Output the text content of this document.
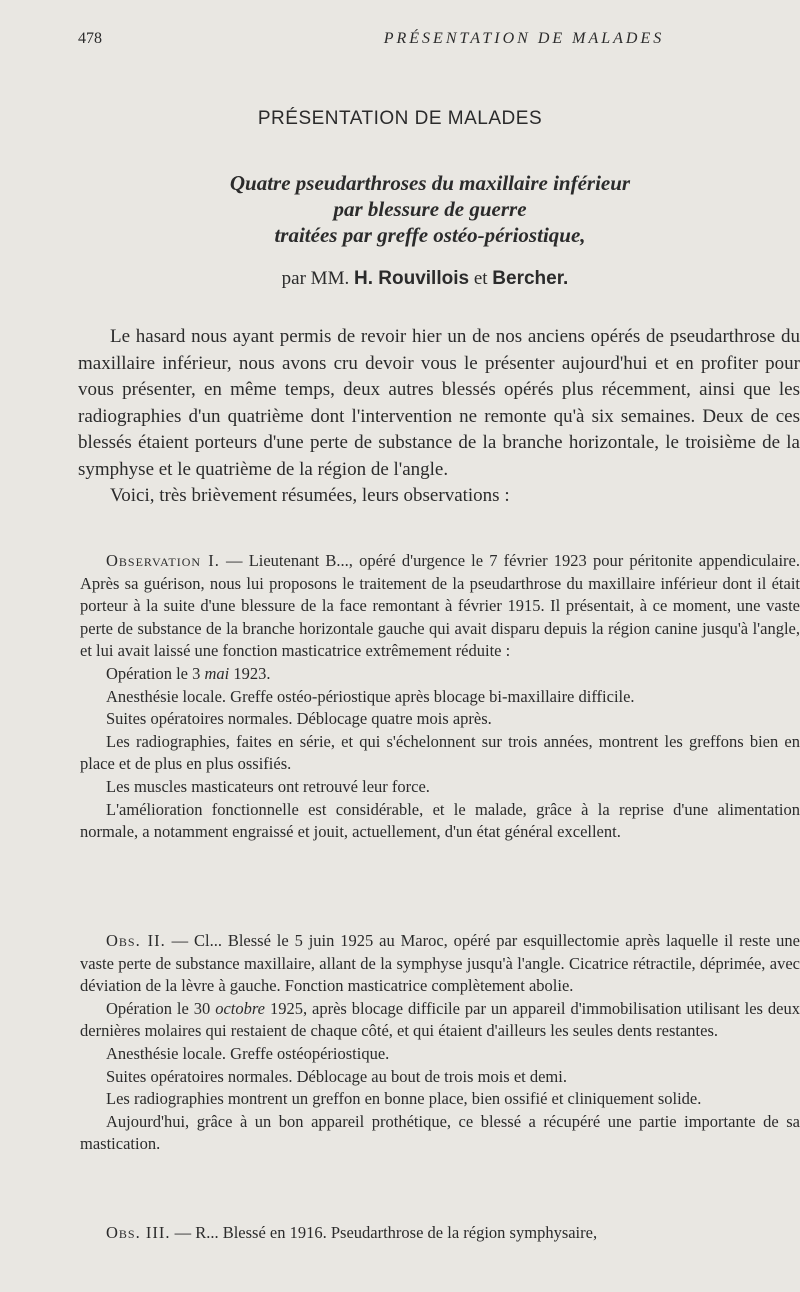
478	PRÉSENTATION DE MALADES
PRÉSENTATION DE MALADES
Quatre pseudarthroses du maxillaire inférieur
par blessure de guerre
traitées par greffe ostéo-périostique,
par MM. H. Rouvillois et Bercher.

Le hasard nous ayant permis de revoir hier un de nos anciens opérés de pseudarthrose du maxillaire inférieur, nous avons cru devoir vous le présenter aujourd'hui et en profiter pour vous présenter, en même temps, deux autres blessés opérés plus récemment, ainsi que les radiographies d'un quatrième dont l'intervention ne remonte qu'à six semaines. Deux de ces blessés étaient porteurs d'une perte de substance de la branche horizontale, le troisième de la symphyse et le quatrième de la région de l'angle.

Voici, très brièvement résumées, leurs observations :

Observation I. — Lieutenant B..., opéré d'urgence le 7 février 1923 pour péritonite appendiculaire. Après sa guérison, nous lui proposons le traitement de la pseudarthrose du maxillaire inférieur dont il était porteur à la suite d'une blessure de la face remontant à février 1915. Il présentait, à ce moment, une vaste perte de substance de la branche horizontale gauche qui avait disparu depuis la région canine jusqu'à l'angle, et lui avait laissé une fonction masticatrice extrêmement réduite :

Opération le 3 mai 1923.

Anesthésie locale. Greffe ostéo-périostique après blocage bi-maxillaire difficile.

Suites opératoires normales. Déblocage quatre mois après.

Les radiographies, faites en série, et qui s'échelonnent sur trois années, montrent les greffons bien en place et de plus en plus ossifiés.

Les muscles masticateurs ont retrouvé leur force.

L'amélioration fonctionnelle est considérable, et le malade, grâce à la reprise d'une alimentation normale, a notamment engraissé et jouit, actuellement, d'un état général excellent.

Obs. II. — Cl... Blessé le 5 juin 1925 au Maroc, opéré par esquillectomie après laquelle il reste une vaste perte de substance maxillaire, allant de la symphyse jusqu'à l'angle. Cicatrice rétractile, déprimée, avec déviation de la lèvre à gauche. Fonction masticatrice complètement abolie.

Opération le 30 octobre 1925, après blocage difficile par un appareil d'immobilisation utilisant les deux dernières molaires qui restaient de chaque côté, et qui étaient d'ailleurs les seules dents restantes.

Anesthésie locale. Greffe ostéopériostique.

Suites opératoires normales. Déblocage au bout de trois mois et demi.

Les radiographies montrent un greffon en bonne place, bien ossifié et cliniquement solide.

Aujourd'hui, grâce à un bon appareil prothétique, ce blessé a récupéré une partie importante de sa mastication.

Obs. III. — R... Blessé en 1916. Pseudarthrose de la région symphysaire,
